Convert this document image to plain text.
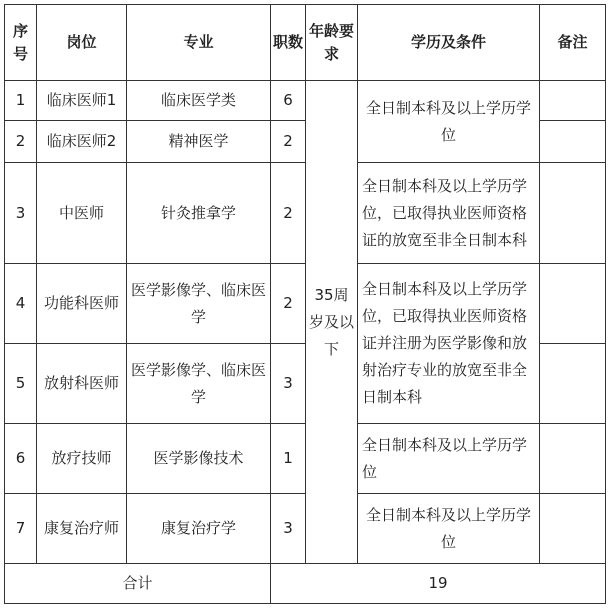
序号	岗位	专业	职数	年龄要求	学历及条件	备注
1	临床医师1	临床医学类	6	35周岁及以下	全日制本科及以上学历学位	
2	临床医师2	精神医学	2			
3	中医师	针灸推拿学	2		全日制本科及以上学历学位，已取得执业医师资格证的放宽至非全日制本科	
4	功能科医师	医学影像学、临床医学	2		全日制本科及以上学历学位，已取得执业医师资格证并注册为医学影像和放射治疗专业的放宽至非全日制本科	
5	放射科医师	医学影像学、临床医学	3			
6	放疗技师	医学影像技术	1		全日制本科及以上学历学位	
7	康复治疗师	康复治疗学	3		全日制本科及以上学历学位	
合计			19			
